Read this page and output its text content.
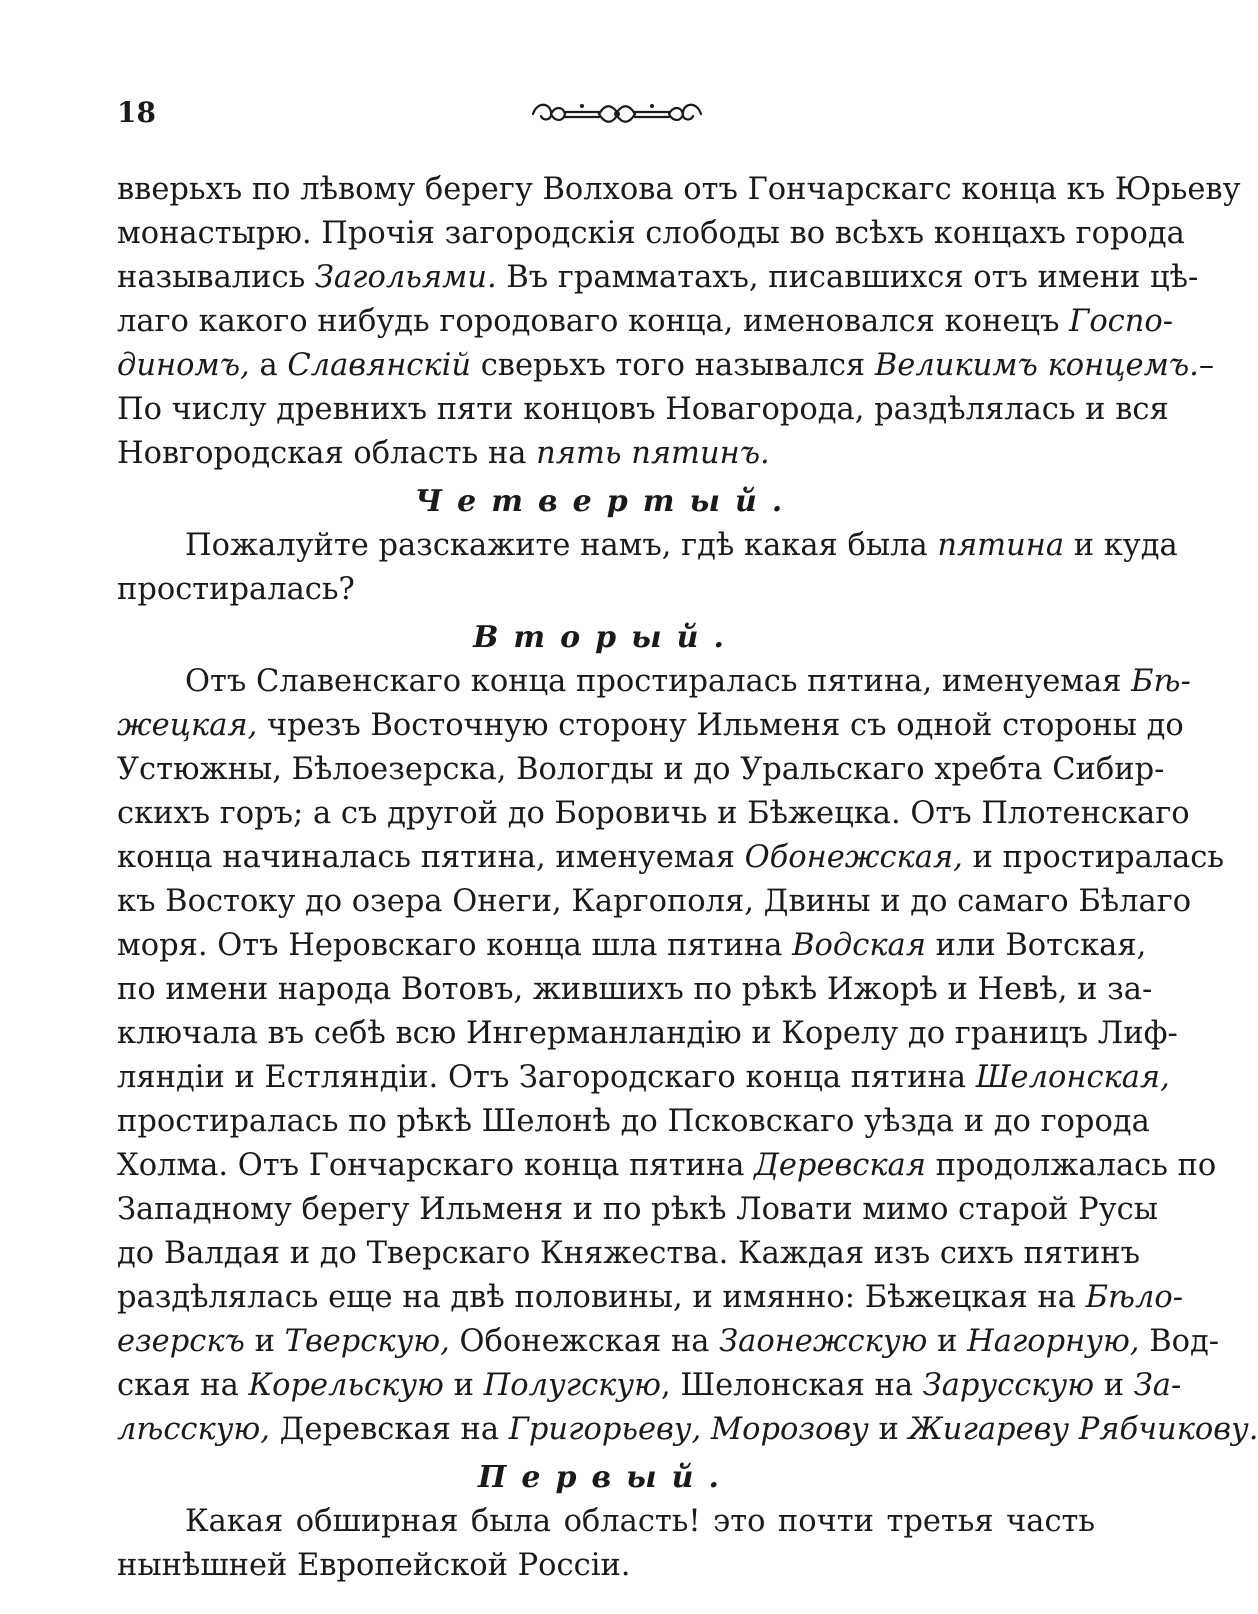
18
вверьхъ по лѣвому берегу Волхова отъ Гончарскагс конца къ Юрьеву
монастырю. Прочія загородскія слободы во всѣхъ концахъ города
назывались Загольями. Въ грамматахъ, писавшихся отъ имени цѣ-
лаго какого нибудь городоваго конца, именовался конецъ Госпо-
диномъ, а Славянскій сверьхъ того назывался Великимъ концемъ.–
По числу древнихъ пяти концовъ Новагорода, раздѣлялась и вся
Новгородская область на пять пятинъ.
Четвертый.
Пожалуйте разскажите намъ, гдѣ какая была пятина и куда
простиралась?
Вторый.
Отъ Славенскаго конца простиралась пятина, именуемая Бѣ-
жецкая, чрезъ Восточную сторону Ильменя съ одной стороны до
Устюжны, Бѣлоезерска, Вологды и до Уральскаго хребта Сибир-
скихъ горъ; а съ другой до Боровичь и Бѣжецка. Отъ Плотенскаго
конца начиналась пятина, именуемая Обонежская, и простиралась
къ Востоку до озера Онеги, Каргополя, Двины и до самаго Бѣлаго
моря. Отъ Неровскаго конца шла пятина Водская или Вотская,
по имени народа Вотовъ, жившихъ по рѣкѣ Ижорѣ и Невѣ, и за-
ключала въ себѣ всю Ингерманландію и Корелу до границъ Лиф-
ляндіи и Естляндіи. Отъ Загородскаго конца пятина Шелонская,
простиралась по рѣкѣ Шелонѣ до Псковскаго уѣзда и до города
Холма. Отъ Гончарскаго конца пятина Деревская продолжалась по
Западному берегу Ильменя и по рѣкѣ Ловати мимо старой Русы
до Валдая и до Тверскаго Княжества. Каждая изъ сихъ пятинъ
раздѣлялась еще на двѣ половины, и имянно: Бѣжецкая на Бѣло-
езерскъ и Тверскую, Обонежская на Заонежскую и Нагорную, Вод-
ская на Корельскую и Полугскую, Шелонская на Зарусскую и За-
лѣсскую, Деревская на Григорьеву, Морозову и Жигареву Рябчикову.
Первый.
Какая обширная была область! это почти третья часть
нынѣшней Европейской Россіи.
